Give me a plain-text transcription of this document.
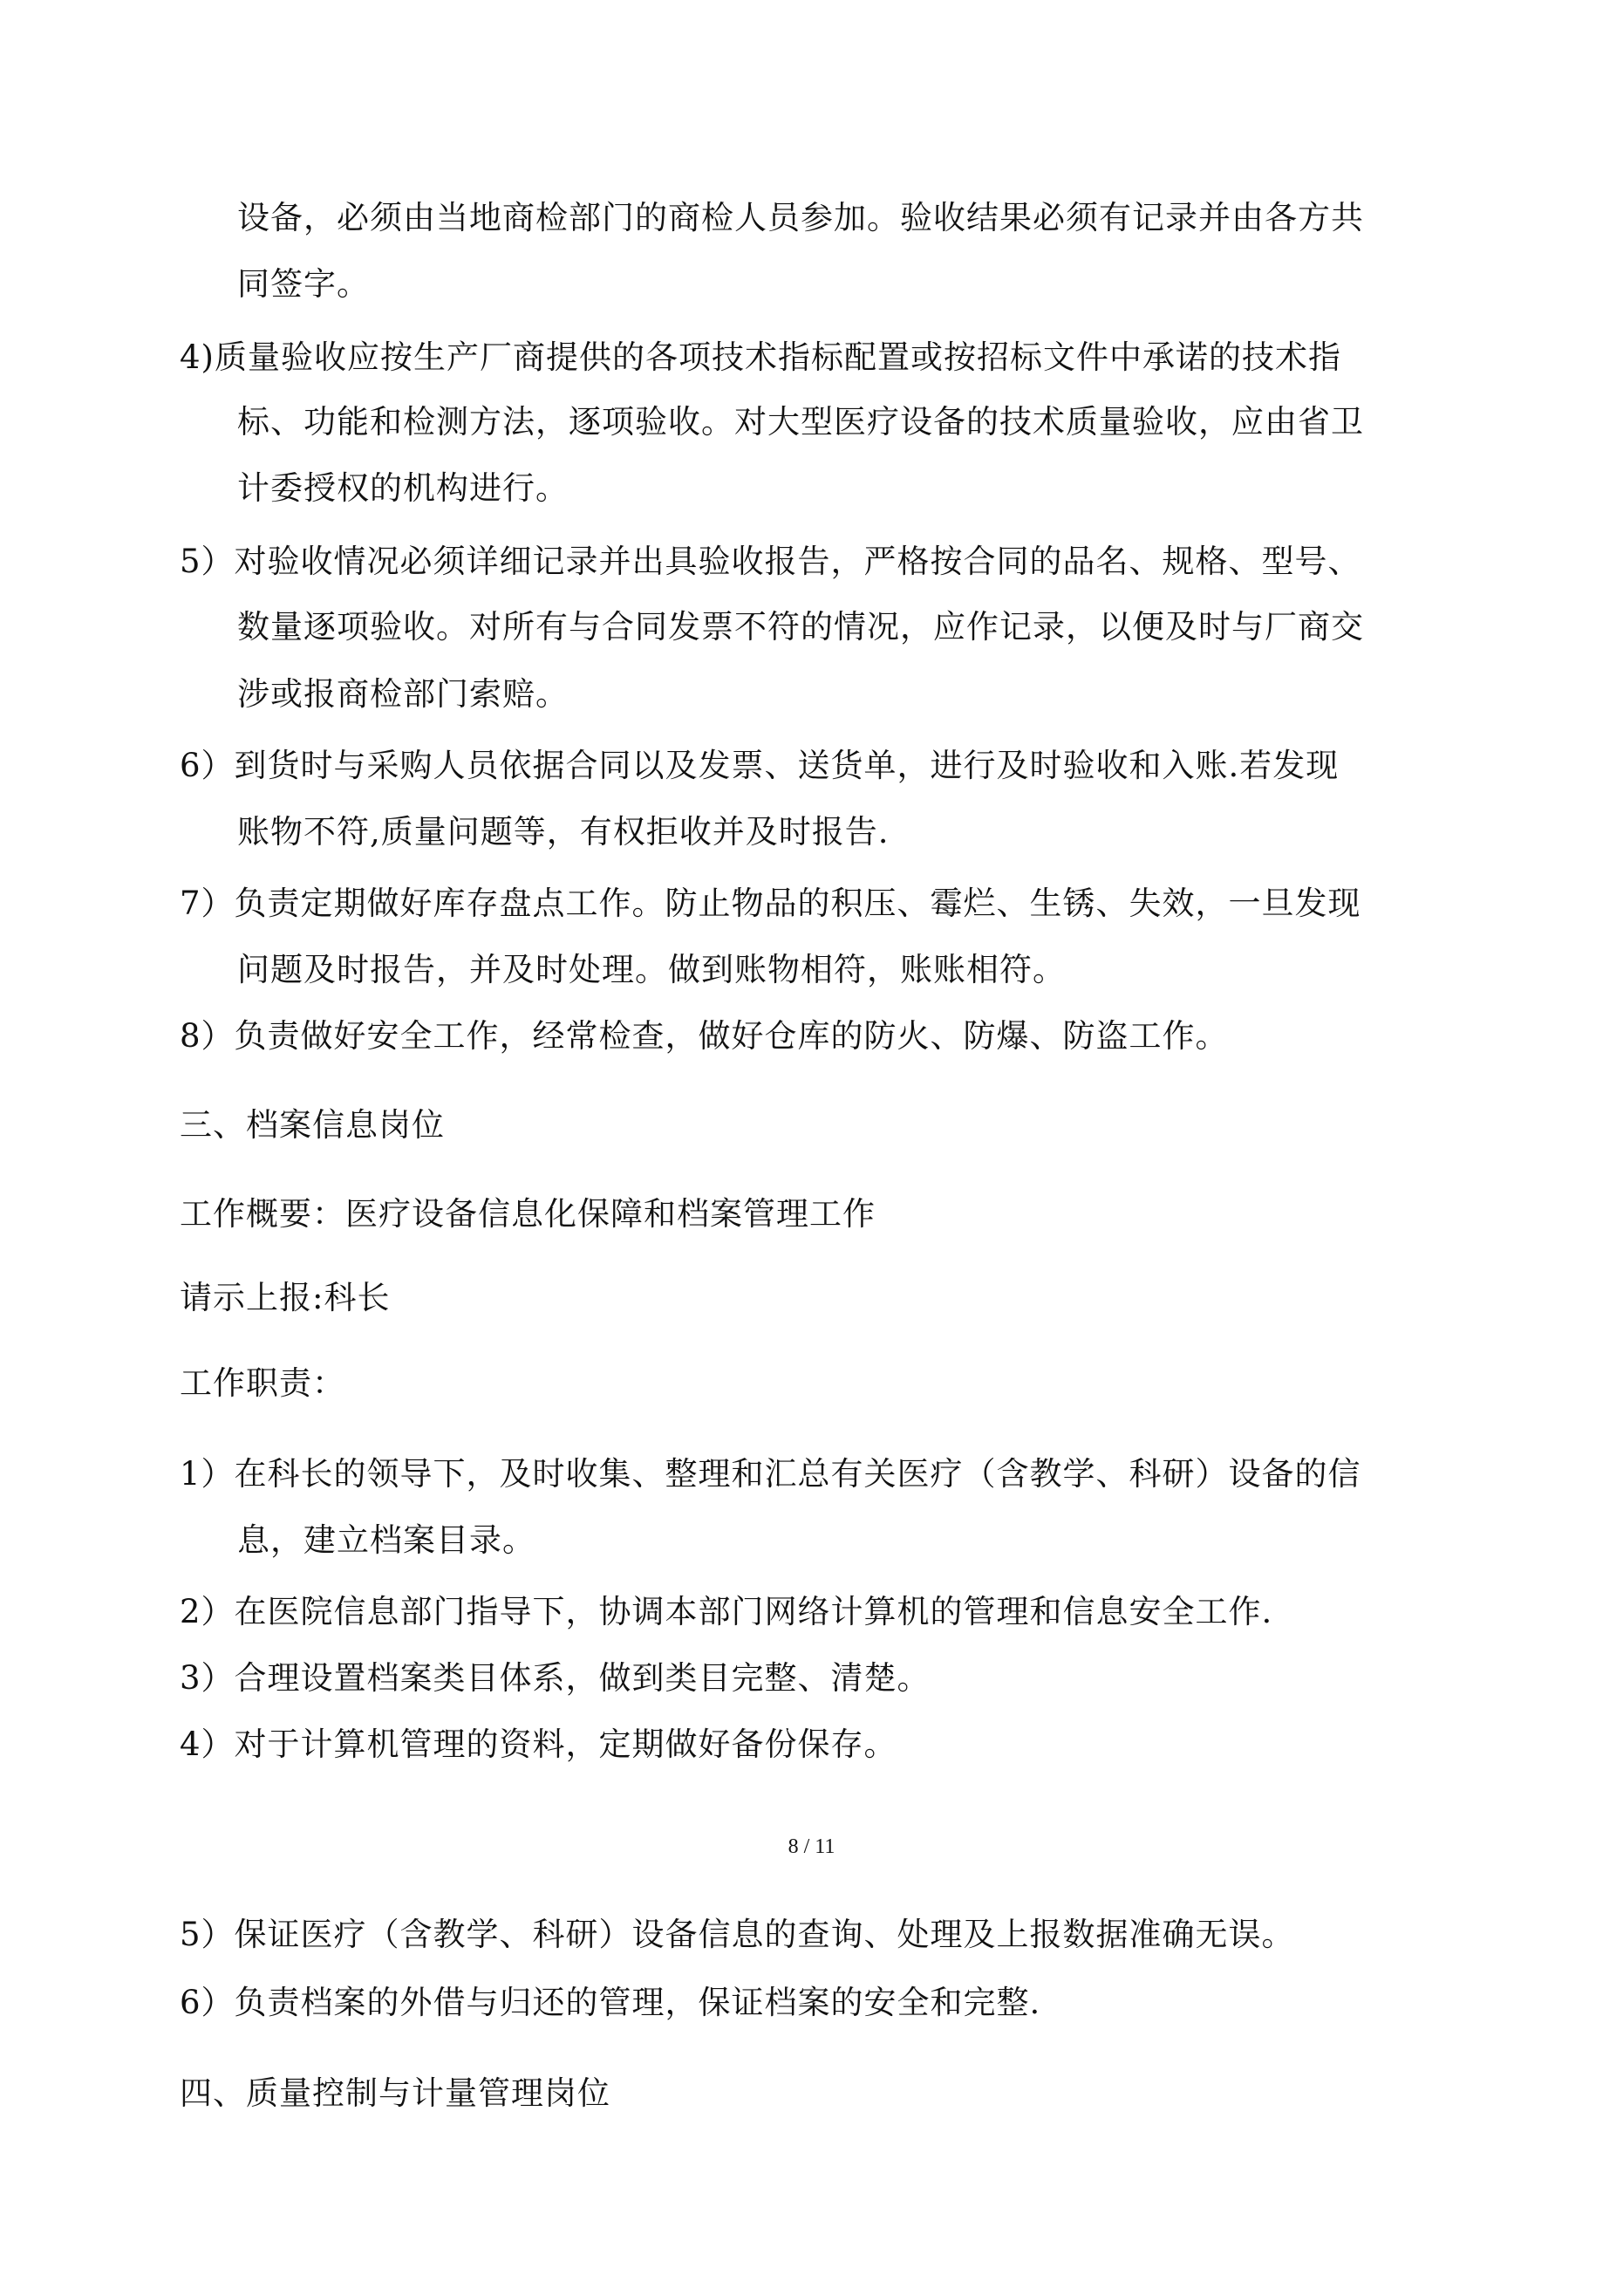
设备，必须由当地商检部门的商检人员参加。验收结果必须有记录并由各方共
同签字。
4)质量验收应按生产厂商提供的各项技术指标配置或按招标文件中承诺的技术指
标、功能和检测方法，逐项验收。对大型医疗设备的技术质量验收，应由省卫
计委授权的机构进行。
5）对验收情况必须详细记录并出具验收报告，严格按合同的品名、规格、型号、
数量逐项验收。对所有与合同发票不符的情况，应作记录，以便及时与厂商交
涉或报商检部门索赔。
6）到货时与采购人员依据合同以及发票、送货单，进行及时验收和入账.若发现
账物不符,质量问题等，有权拒收并及时报告.
7）负责定期做好库存盘点工作。防止物品的积压、霉烂、生锈、失效，一旦发现
问题及时报告，并及时处理。做到账物相符，账账相符。
8）负责做好安全工作，经常检查，做好仓库的防火、防爆、防盗工作。
三、档案信息岗位
工作概要：医疗设备信息化保障和档案管理工作
请示上报:科长
工作职责：
1）在科长的领导下，及时收集、整理和汇总有关医疗（含教学、科研）设备的信
息，建立档案目录。
2）在医院信息部门指导下，协调本部门网络计算机的管理和信息安全工作.
3）合理设置档案类目体系，做到类目完整、清楚。
4）对于计算机管理的资料，定期做好备份保存。
8 / 11
5）保证医疗（含教学、科研）设备信息的查询、处理及上报数据准确无误。
6）负责档案的外借与归还的管理，保证档案的安全和完整.
四、质量控制与计量管理岗位
